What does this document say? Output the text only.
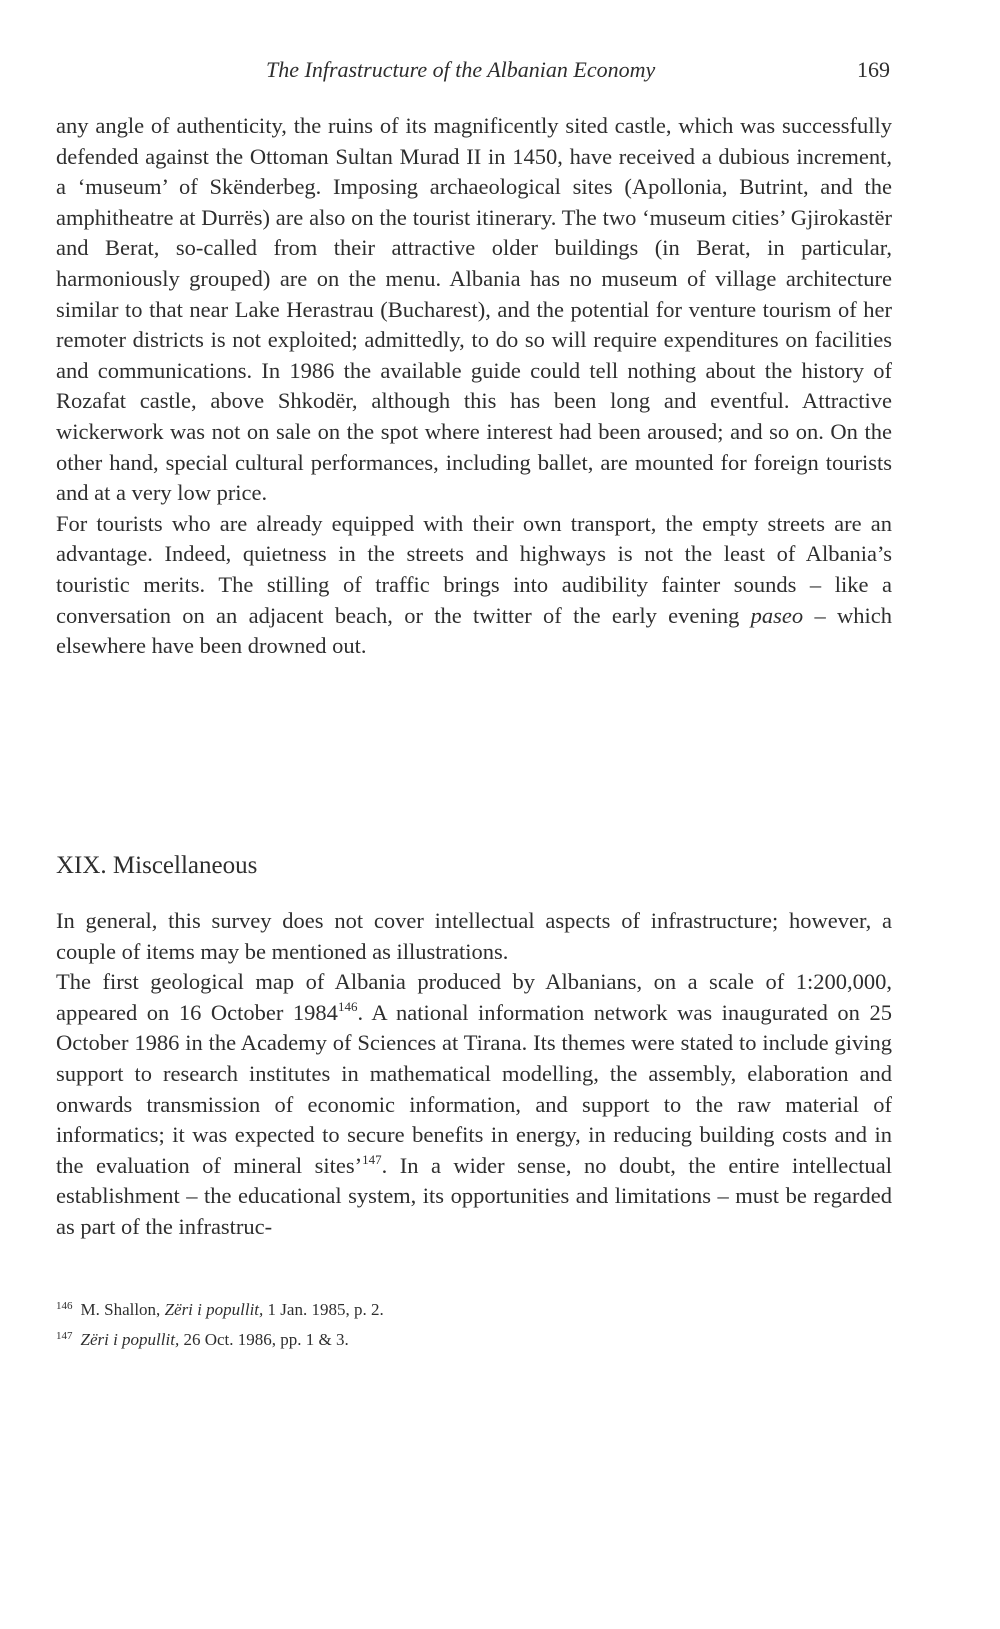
The Infrastructure of the Albanian Economy	169

any angle of authenticity, the ruins of its magnificently sited castle, which was successfully defended against the Ottoman Sultan Murad II in 1450, have received a dubious increment, a ‘museum’ of Skënderbeg. Imposing archaeological sites (Apollonia, Butrint, and the amphitheatre at Durrës) are also on the tourist itinerary. The two ‘museum cities’ Gjirokastër and Berat, so-called from their attractive older buildings (in Berat, in particular, harmoniously grouped) are on the menu. Albania has no museum of village architecture similar to that near Lake Herastrau (Bucharest), and the potential for venture tourism of her remoter districts is not exploited; admittedly, to do so will require expenditures on facilities and communications. In 1986 the available guide could tell nothing about the history of Rozafat castle, above Shkodër, although this has been long and eventful. Attractive wickerwork was not on sale on the spot where interest had been aroused; and so on. On the other hand, special cultural performances, including ballet, are mounted for foreign tourists and at a very low price.

For tourists who are already equipped with their own transport, the empty streets are an advantage. Indeed, quietness in the streets and highways is not the least of Albania’s touristic merits. The stilling of traffic brings into audibility fainter sounds – like a conversation on an adjacent beach, or the twitter of the early evening paseo – which elsewhere have been drowned out.

XIX. Miscellaneous

In general, this survey does not cover intellectual aspects of infrastructure; however, a couple of items may be mentioned as illustrations.

The first geological map of Albania produced by Albanians, on a scale of 1:200,000, appeared on 16 October 1984$^{146}$. A national information network was inaugurated on 25 October 1986 in the Academy of Sciences at Tirana. Its themes were stated to include giving support to research institutes in mathematical modelling, the assembly, elaboration and onwards transmission of economic information, and support to the raw material of informatics; it was expected to secure benefits in energy, in reducing building costs and in the evaluation of mineral sites’$^{147}$. In a wider sense, no doubt, the entire intellectual establishment – the educational system, its opportunities and limitations – must be regarded as part of the infrastruc-

$^{146}$ M. Shallon, Zëri i popullit, 1 Jan. 1985, p. 2.

$^{147}$ Zëri i popullit, 26 Oct. 1986, pp. 1 & 3.
